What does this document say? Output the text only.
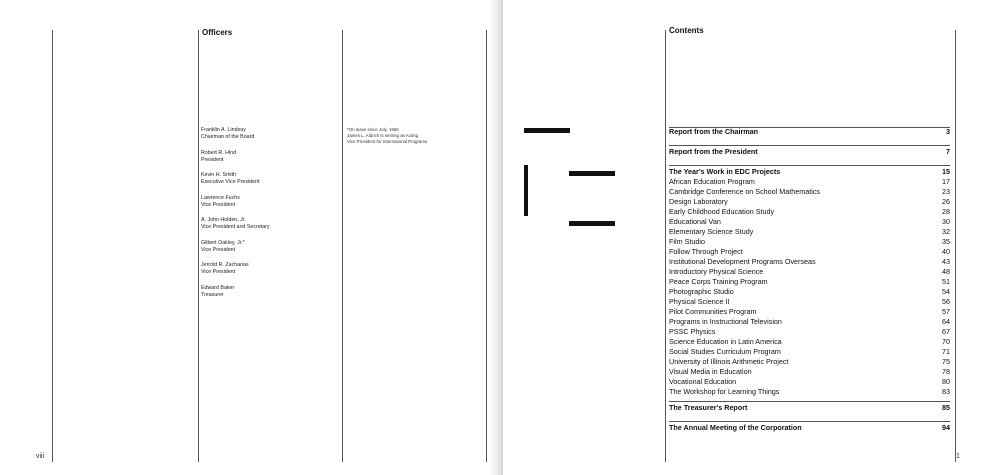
Officers
Franklin A. Lindsay
Chairman of the Board
Robert R. Hind
President
Kevin H. Smith
Executive Vice President
Lawrence Fuchs
Vice President
A. John Holden, Jr.
Vice President and Secretary
Gilbert Oakley, Jr.*
Vice President
Jerrold R. Zacharias
Vice President
Edward Baker
Treasurer
*On leave since July, 1966
James L. Aldrich is serving as Acting
Vice President for International Programs
viii	1
Contents
Report from the Chairman	3
Report from the President	7
The Year's Work in EDC Projects	15
African Education Program	17
Cambridge Conference on School Mathematics	23
Design Laboratory	26
Early Childhood Education Study	28
Educational Van	30
Elementary Science Study	32
Film Studio	35
Follow Through Project	40
Institutional Development Programs Overseas	43
Introductory Physical Science	48
Peace Corps Training Program	51
Photographic Studio	54
Physical Science II	56
Pilot Communities Program	57
Programs in Instructional Television	64
PSSC Physics	67
Science Education in Latin America	70
Social Studies Curriculum Program	71
University of Illinois Arithmetic Project	75
Visual Media in Education	78
Vocational Education	80
The Workshop for Learning Things	83
The Treasurer's Report	85
The Annual Meeting of the Corporation	94
